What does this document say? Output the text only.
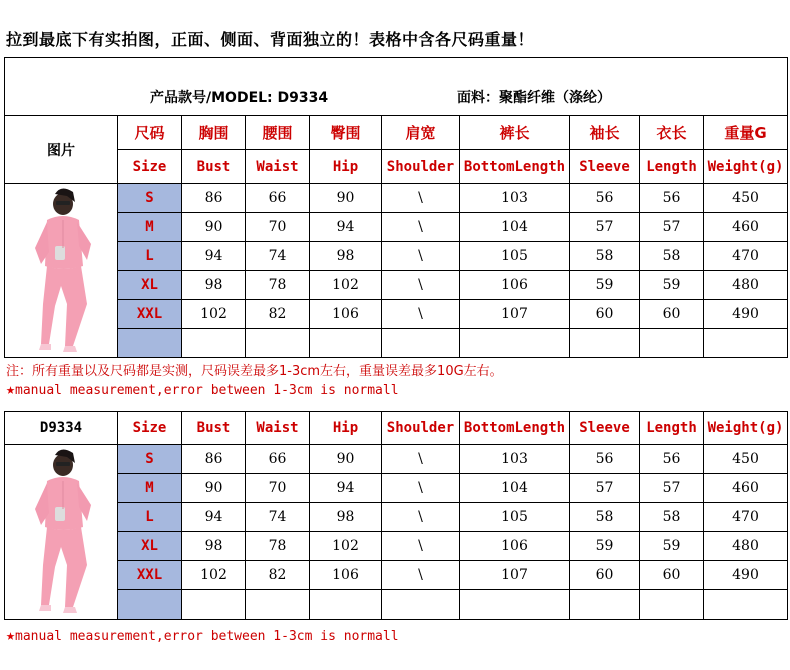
拉到最底下有实拍图，正面、侧面、背面独立的！表格中含各尺码重量！
产品款号/MODEL: D9334 面料：聚酯纤维（涤纶）									

图片	尺码	胸围	腰围	臀围	肩宽	裤长	袖长	衣长	重量G
	Size	Bust	Waist	Hip	Shoulder	BottomLength	Sleeve	Length	Weight(g)

	S	86	66	90	\	103	56	56	450
	M	90	70	94	\	104	57	57	460
	L	94	74	98	\	105	58	58	470
	XL	98	78	102	\	106	59	59	480
	XXL	102	82	106	\	107	60	60	490

注：所有重量以及尺码都是实测，尺码误差最多1-3cm左右，重量误差最多10G左右。
★manual measurement,error between 1-3cm is normall
D9334	Size	Bust	Waist	Hip	Shoulder	BottomLength	Sleeve	Length	Weight(g)

	S	86	66	90	\	103	56	56	450
	M	90	70	94	\	104	57	57	460
	L	94	74	98	\	105	58	58	470
	XL	98	78	102	\	106	59	59	480
	XXL	102	82	106	\	107	60	60	490

★manual measurement,error between 1-3cm is normall
